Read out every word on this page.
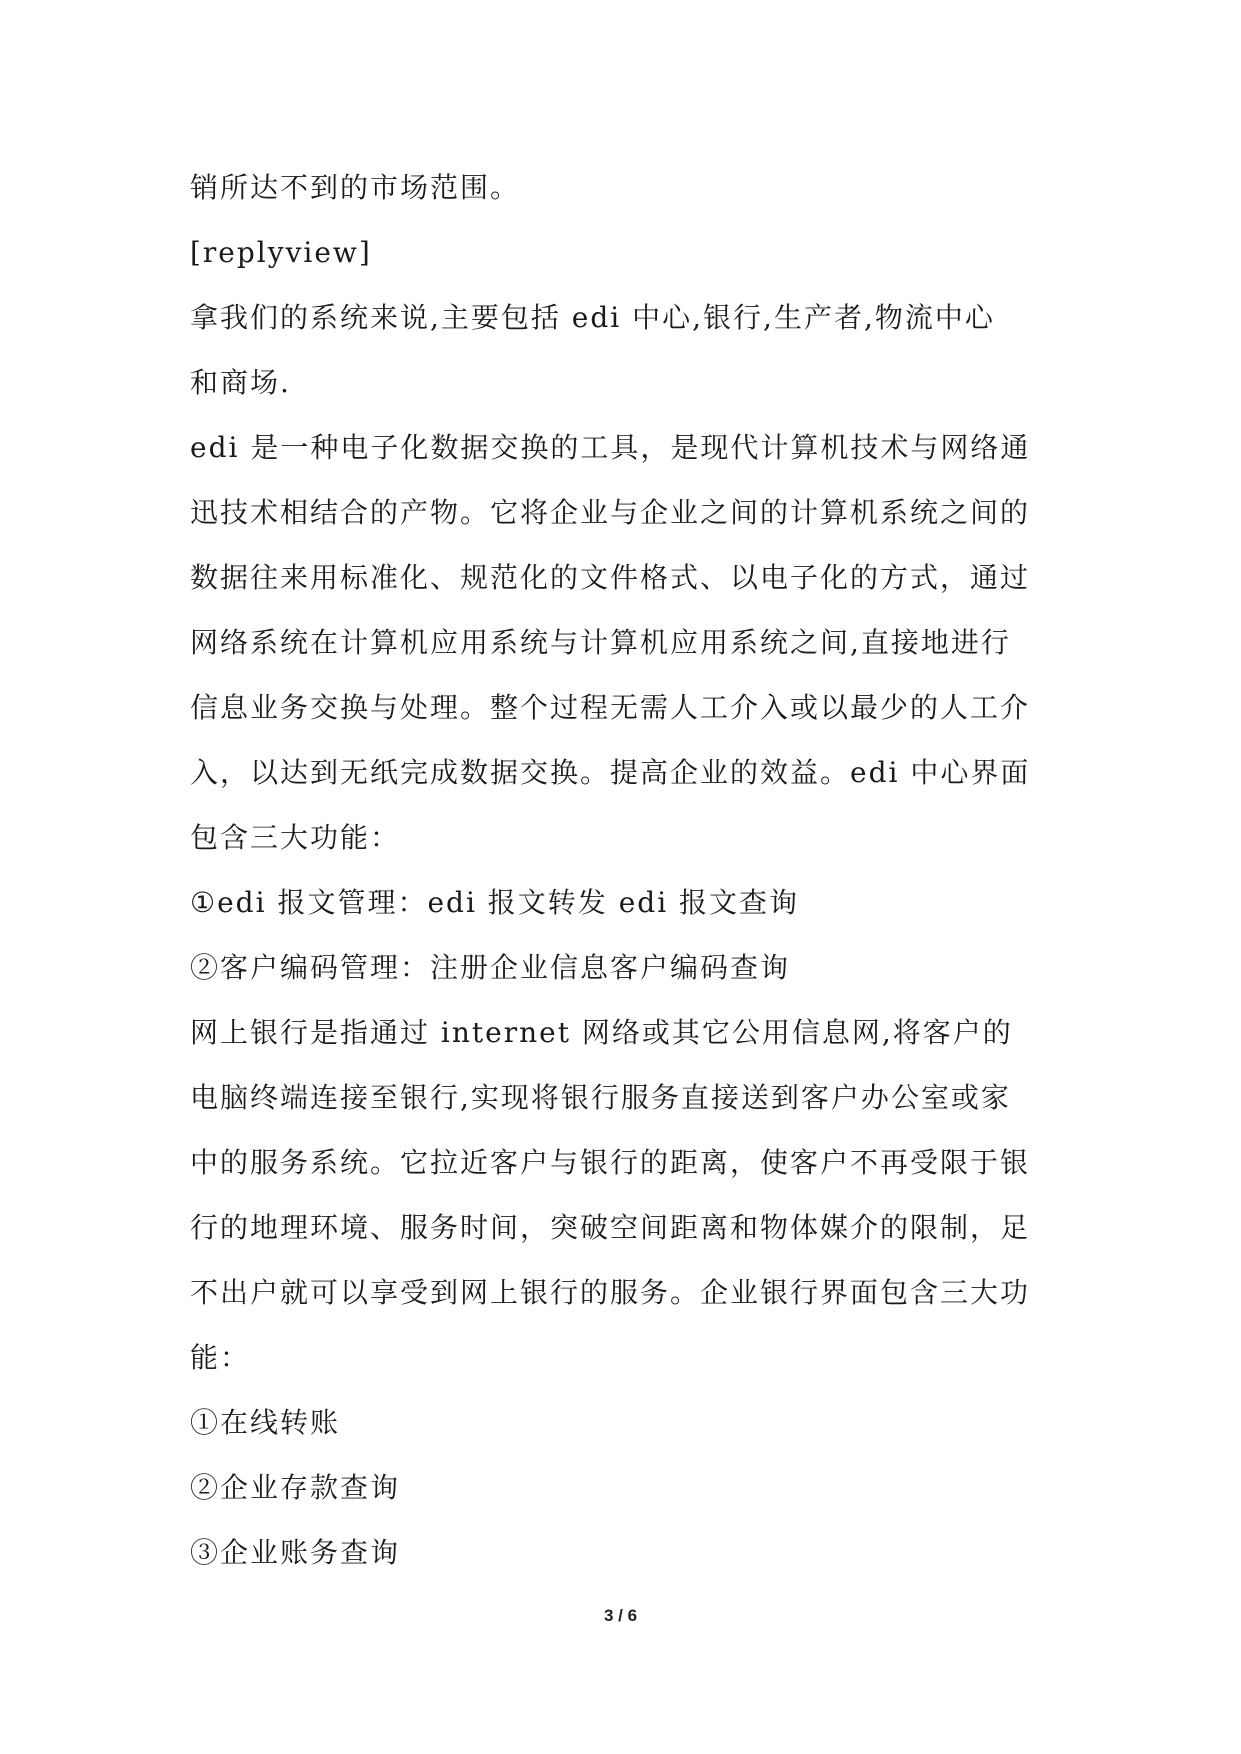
销所达不到的市场范围。
[replyview]
拿我们的系统来说,主要包括 edi 中心,银行,生产者,物流中心
和商场.
edi 是一种电子化数据交换的工具，是现代计算机技术与网络通
迅技术相结合的产物。它将企业与企业之间的计算机系统之间的
数据往来用标准化、规范化的文件格式、以电子化的方式，通过
网络系统在计算机应用系统与计算机应用系统之间,直接地进行
信息业务交换与处理。整个过程无需人工介入或以最少的人工介
入，以达到无纸完成数据交换。提高企业的效益。edi 中心界面
包含三大功能：
①edi 报文管理：edi 报文转发 edi 报文查询
②客户编码管理：注册企业信息客户编码查询
网上银行是指通过 internet 网络或其它公用信息网,将客户的
电脑终端连接至银行,实现将银行服务直接送到客户办公室或家
中的服务系统。它拉近客户与银行的距离，使客户不再受限于银
行的地理环境、服务时间，突破空间距离和物体媒介的限制，足
不出户就可以享受到网上银行的服务。企业银行界面包含三大功
能：
①在线转账
②企业存款查询
③企业账务查询
3 / 6
